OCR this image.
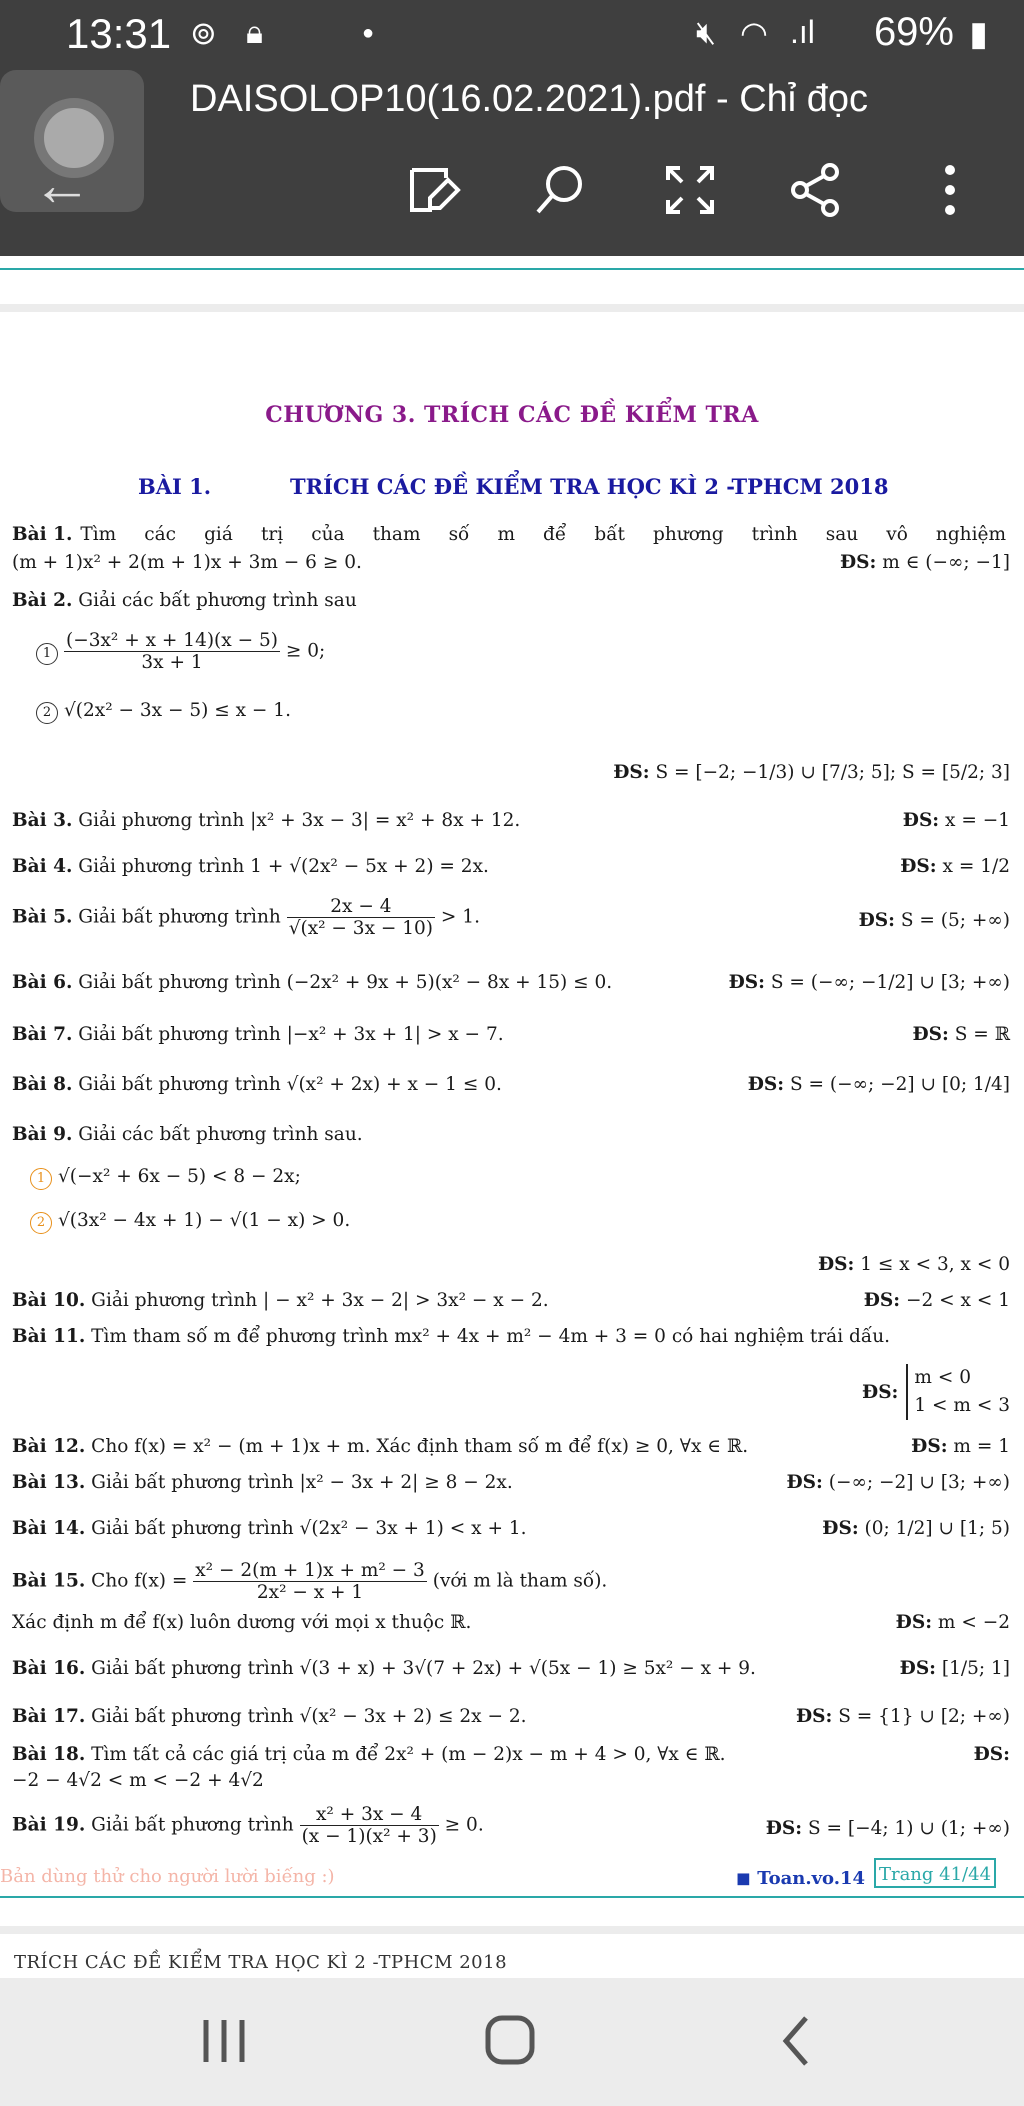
13:31 ⊚ 🔒︎	●	🔇︎ ◠ .ıl 69% ▮
←
DAISOLOP10(16.02.2021).pdf - Chỉ đọc
CHƯƠNG 3. TRÍCH CÁC ĐỀ KIỂM TRA
BÀI 1.	TRÍCH CÁC ĐỀ KIỂM TRA HỌC KÌ 2 -TPHCM 2018
Bài 1. Tìm các giá trị của tham số m để bất phương trình sau vô nghiệm
(m + 1)x² + 2(m + 1)x + 3m − 6 ≥ 0.	ĐS: m ∈ (−∞; −1]
Bài 2. Giải các bất phương trình sau
$1 \frac{\text{(−3x² + x + 14)(x − 5)}}{3x + 1} \ge 0$;
2 √(2x² − 3x − 5) ≤ x − 1.
ĐS: S = [−2; −1/3) ∪ [7/3; 5]; S = [5/2; 3]
Bài 3. Giải phương trình |x² + 3x − 3| = x² + 8x + 12.	ĐS: x = −1
Bài 4. Giải phương trình 1 + √(2x² − 5x + 2) = 2x.	ĐS: x = 1/2
Bài 5. Giải bất phương trình $\frac{2x - 4}{\text{√(x² − 3x − 10)}} > 1$.	ĐS: S = (5; +∞)
Bài 6. Giải bất phương trình (−2x² + 9x + 5)(x² − 8x + 15) ≤ 0.	ĐS: S = (−∞; −1/2] ∪ [3; +∞)
Bài 7. Giải bất phương trình |−x² + 3x + 1| > x − 7.	ĐS: S = ℝ
Bài 8. Giải bất phương trình √(x² + 2x) + x − 1 ≤ 0.	ĐS: S = (−∞; −2] ∪ [0; 1/4]
Bài 9. Giải các bất phương trình sau.
1 √(−x² + 6x − 5) < 8 − 2x;
2 √(3x² − 4x + 1) − √(1 − x) > 0.
ĐS: 1 ≤ x < 3, x < 0
Bài 10. Giải phương trình | − x² + 3x − 2| > 3x² − x − 2.	ĐS: −2 < x < 1
Bài 11. Tìm tham số m để phương trình mx² + 4x + m² − 4m + 3 = 0 có hai nghiệm trái dấu.
ĐS:
m < 0
1 < m < 3
Bài 12. Cho f(x) = x² − (m + 1)x + m. Xác định tham số m để f(x) ≥ 0, ∀x ∈ ℝ.	ĐS: m = 1
Bài 13. Giải bất phương trình |x² − 3x + 2| ≥ 8 − 2x.	ĐS: (−∞; −2] ∪ [3; +∞)
Bài 14. Giải bất phương trình √(2x² − 3x + 1) < x + 1.	ĐS: (0; 1/2] ∪ [1; 5)
Bài 15. Cho $f(x) = \frac{\text{x² − 2(m + 1)x + m² − 3}}{\text{2x² − x + 1}}$ (với m là tham số).
Xác định m để f(x) luôn dương với mọi x thuộc ℝ.	ĐS: m < −2
Bài 16. Giải bất phương trình √(3 + x) + 3√(7 + 2x) + √(5x − 1) ≥ 5x² − x + 9.	ĐS: [1/5; 1]
Bài 17. Giải bất phương trình √(x² − 3x + 2) ≤ 2x − 2.	ĐS: S = {1} ∪ [2; +∞)
Bài 18. Tìm tất cả các giá trị của m để 2x² + (m − 2)x − m + 4 > 0, ∀x ∈ ℝ.	ĐS:
−2 − 4√2 < m < −2 + 4√2
Bài 19. Giải bất phương trình $\frac{\text{x² + 3x − 4}}{\text{(x − 1)(x² + 3)}} \ge 0$.	ĐS: S = [−4; 1) ∪ (1; +∞)
Bản dùng thử cho người lười biếng :)	◼ Toan.vo.14 Trang 41/44
TRÍCH CÁC ĐỀ KIỂM TRA HỌC KÌ 2 -TPHCM 2018
